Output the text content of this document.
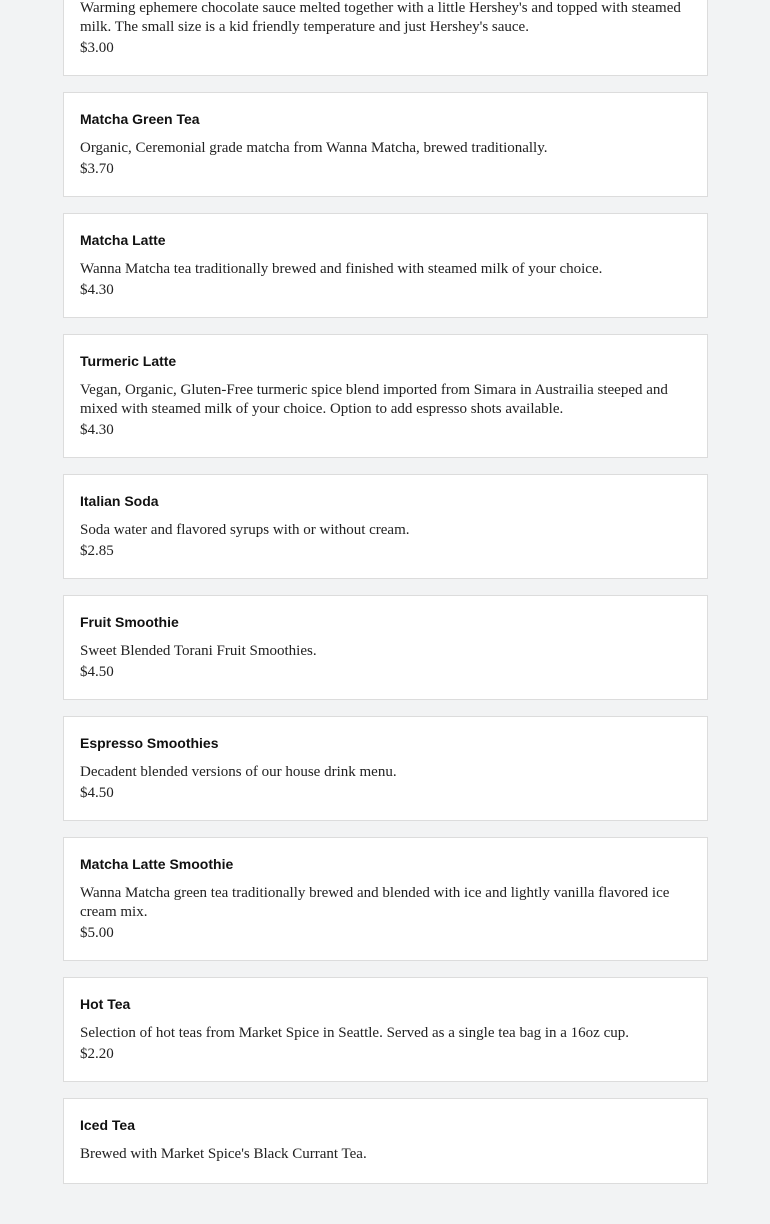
Warming ephemere chocolate sauce melted together with a little Hershey's and topped with steamed milk. The small size is a kid friendly temperature and just Hershey's sauce.
$3.00
Matcha Green Tea
Organic, Ceremonial grade matcha from Wanna Matcha, brewed traditionally.
$3.70
Matcha Latte
Wanna Matcha tea traditionally brewed and finished with steamed milk of your choice.
$4.30
Turmeric Latte
Vegan, Organic, Gluten-Free turmeric spice blend imported from Simara in Austrailia steeped and mixed with steamed milk of your choice. Option to add espresso shots available.
$4.30
Italian Soda
Soda water and flavored syrups with or without cream.
$2.85
Fruit Smoothie
Sweet Blended Torani Fruit Smoothies.
$4.50
Espresso Smoothies
Decadent blended versions of our house drink menu.
$4.50
Matcha Latte Smoothie
Wanna Matcha green tea traditionally brewed and blended with ice and lightly vanilla flavored ice cream mix.
$5.00
Hot Tea
Selection of hot teas from Market Spice in Seattle. Served as a single tea bag in a 16oz cup.
$2.20
Iced Tea
Brewed with Market Spice's Black Currant Tea.
